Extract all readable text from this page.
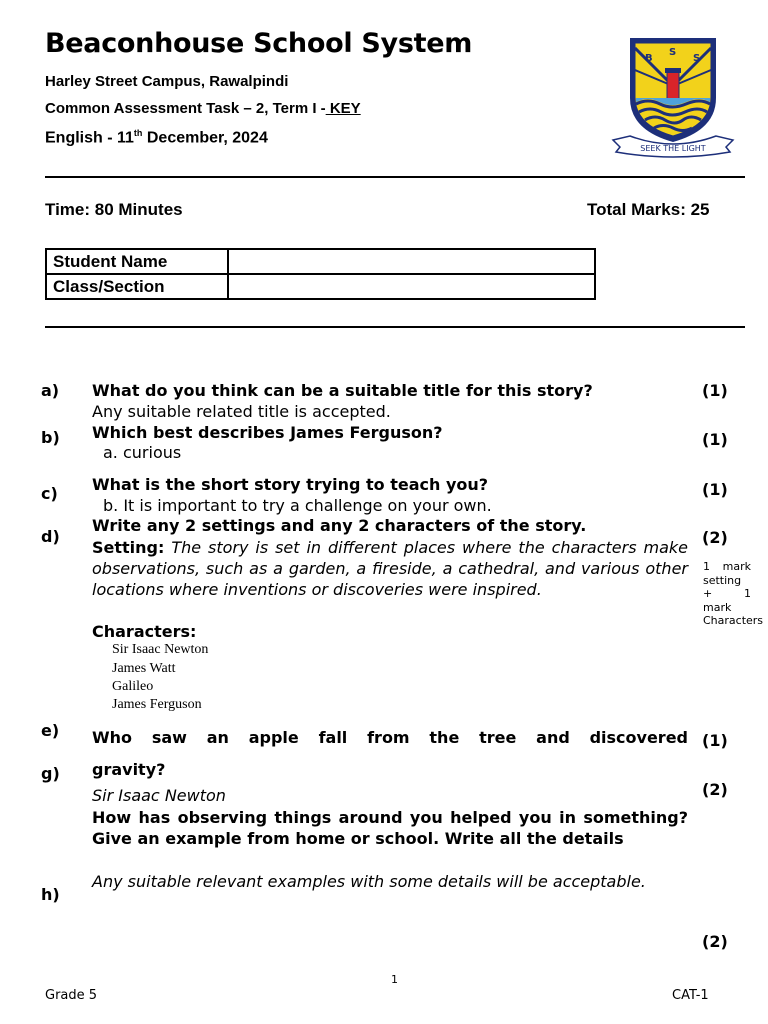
Beaconhouse School System
Harley Street Campus, Rawalpindi
Common Assessment Task – 2, Term I - KEY
English - 11th December, 2024
B
S
S
SEEK THE LIGHT
Time: 80 Minutes	Total Marks: 25
Student Name	
Class/Section	
a) What do you think can be a suitable title for this story?	(1)
Any suitable related title is accepted.
b) Which best describes James Ferguson?	(1)
a. curious
c) What is the short story trying to teach you?	(1)
b. It is important to try a challenge on your own.
d)
Write any 2 settings and any 2 characters of the story.
(2)
1 mark setting + 1 mark Characters
Setting: The story is set in different places where the characters make observations, such as a garden, a fireside, a cathedral, and various other locations where inventions or discoveries were inspired.
Characters:
Sir Isaac Newton
James Watt
Galileo
James Ferguson
e) Who saw an apple fall from the tree and discovered gravity?
(1)
Sir Isaac Newton
g)
(2)
How has observing things around you helped you in something? Give an example from home or school. Write all the details
Any suitable relevant examples with some details will be acceptable.
h)
(2)
1
Grade 5	CAT-1
